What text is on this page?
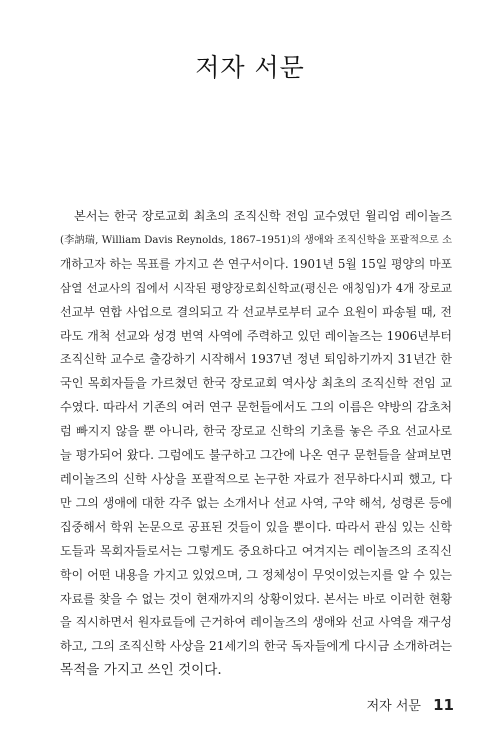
저자 서문
본서는 한국 장로교회 최초의 조직신학 전임 교수였던 윌리엄 레이놀즈
(李訥瑞, William Davis Reynolds, 1867–1951)의 생애와 조직신학을 포괄적으로 소
개하고자 하는 목표를 가지고 쓴 연구서이다. 1901년 5월 15일 평양의 마포
삼열 선교사의 집에서 시작된 평양장로회신학교(평신은 애칭임)가 4개 장로교
선교부 연합 사업으로 결의되고 각 선교부로부터 교수 요원이 파송될 때, 전
라도 개척 선교와 성경 번역 사역에 주력하고 있던 레이놀즈는 1906년부터
조직신학 교수로 출강하기 시작해서 1937년 정년 퇴임하기까지 31년간 한
국인 목회자들을 가르쳤던 한국 장로교회 역사상 최초의 조직신학 전임 교
수였다. 따라서 기존의 여러 연구 문헌들에서도 그의 이름은 약방의 감초처
럼 빠지지 않을 뿐 아니라, 한국 장로교 신학의 기초를 놓은 주요 선교사로
늘 평가되어 왔다. 그럼에도 불구하고 그간에 나온 연구 문헌들을 살펴보면
레이놀즈의 신학 사상을 포괄적으로 논구한 자료가 전무하다시피 했고, 다
만 그의 생애에 대한 각주 없는 소개서나 선교 사역, 구약 해석, 성령론 등에
집중해서 학위 논문으로 공표된 것들이 있을 뿐이다. 따라서 관심 있는 신학
도들과 목회자들로서는 그렇게도 중요하다고 여겨지는 레이놀즈의 조직신
학이 어떤 내용을 가지고 있었으며, 그 정체성이 무엇이었는지를 알 수 있는
자료를 찾을 수 없는 것이 현재까지의 상황이었다. 본서는 바로 이러한 현황
을 직시하면서 원자료들에 근거하여 레이놀즈의 생애와 선교 사역을 재구성
하고, 그의 조직신학 사상을 21세기의 한국 독자들에게 다시금 소개하려는
목적을 가지고 쓰인 것이다.
저자 서문 11
